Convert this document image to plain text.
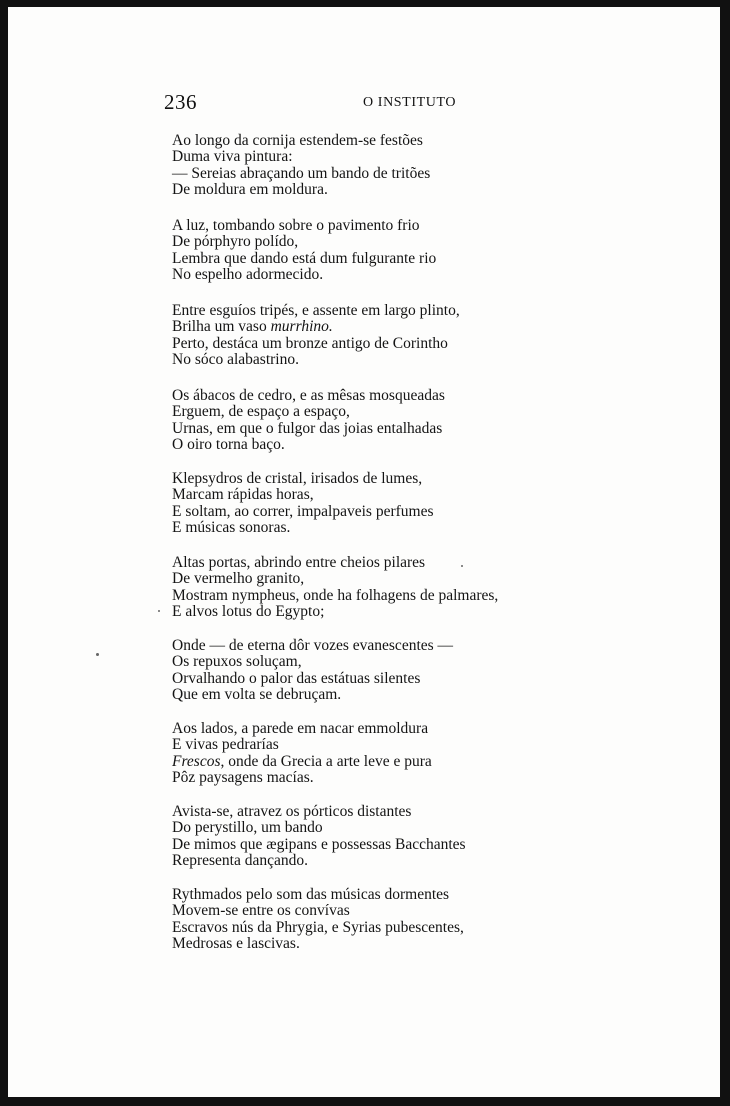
236	O INSTITUTO
Ao longo da cornija estendem-se festões
Duma viva pintura:
— Sereias abraçando um bando de tritões
De moldura em moldura.
A luz, tombando sobre o pavimento frio
De pórphyro polído,
Lembra que dando está dum fulgurante rio
No espelho adormecido.
Entre esguíos tripés, e assente em largo plinto,
Brilha um vaso murrhino.
Perto, destáca um bronze antigo de Corintho
No sóco alabastrino.
Os ábacos de cedro, e as mêsas mosqueadas
Erguem, de espaço a espaço,
Urnas, em que o fulgor das joias entalhadas
O oiro torna baço.
Klepsydros de cristal, irisados de lumes,
Marcam rápidas horas,
E soltam, ao correr, impalpaveis perfumes
E músicas sonoras.
Altas portas, abrindo entre cheios pilares
De vermelho granito,
Mostram nympheus, onde ha folhagens de palmares,
E alvos lotus do Egypto;
Onde — de eterna dôr vozes evanescentes —
Os repuxos soluçam,
Orvalhando o palor das estátuas silentes
Que em volta se debruçam.
Aos lados, a parede em nacar emmoldura
E vivas pedrarías
Frescos, onde da Grecia a arte leve e pura
Pôz paysagens macías.
Avista-se, atravez os pórticos distantes
Do perystillo, um bando
De mimos que ægipans e possessas Bacchantes
Representa dançando.
Rythmados pelo som das músicas dormentes
Movem-se entre os convívas
Escravos nús da Phrygia, e Syrias pubescentes,
Medrosas e lascivas.
